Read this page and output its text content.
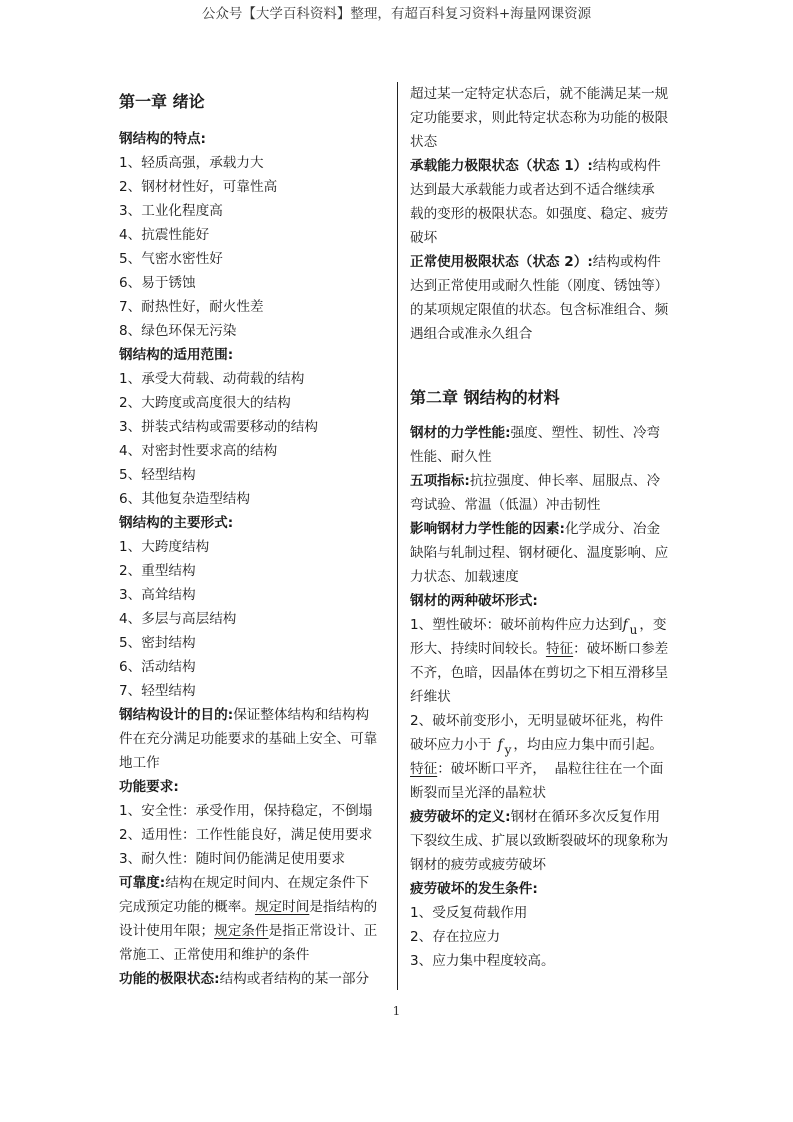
公众号【大学百科资料】整理，有超百科复习资料+海量网课资源
第一章 绪论
钢结构的特点:
1、轻质高强，承载力大
2、钢材材性好，可靠性高
3、工业化程度高
4、抗震性能好
5、气密水密性好
6、易于锈蚀
7、耐热性好，耐火性差
8、绿色环保无污染
钢结构的适用范围:
1、承受大荷载、动荷载的结构
2、大跨度或高度很大的结构
3、拼装式结构或需要移动的结构
4、对密封性要求高的结构
5、轻型结构
6、其他复杂造型结构
钢结构的主要形式:
1、大跨度结构
2、重型结构
3、高耸结构
4、多层与高层结构
5、密封结构
6、活动结构
7、轻型结构
钢结构设计的目的:保证整体结构和结构构
件在充分满足功能要求的基础上安全、可靠
地工作
功能要求:
1、安全性：承受作用，保持稳定，不倒塌
2、适用性：工作性能良好，满足使用要求
3、耐久性：随时间仍能满足使用要求
可靠度:结构在规定时间内、在规定条件下
完成预定功能的概率。规定时间是指结构的
设计使用年限；规定条件是指正常设计、正
常施工、正常使用和维护的条件
功能的极限状态:结构或者结构的某一部分
超过某一定特定状态后，就不能满足某一规
定功能要求，则此特定状态称为功能的极限
状态
承载能力极限状态（状态 1）:结构或构件
达到最大承载能力或者达到不适合继续承
载的变形的极限状态。如强度、稳定、疲劳
破坏
正常使用极限状态（状态 2）:结构或构件
达到正常使用或耐久性能（刚度、锈蚀等）
的某项规定限值的状态。包含标准组合、频
遇组合或准永久组合
第二章 钢结构的材料
钢材的力学性能:强度、塑性、韧性、冷弯
性能、耐久性
五项指标:抗拉强度、伸长率、屈服点、冷
弯试验、常温（低温）冲击韧性
影响钢材力学性能的因素:化学成分、冶金
缺陷与轧制过程、钢材硬化、温度影响、应
力状态、加载速度
钢材的两种破坏形式:
1、塑性破坏：破坏前构件应力达到f u ，变
形大、持续时间较长。特征：破坏断口参差
不齐，色暗，因晶体在剪切之下相互滑移呈
纤维状
2、破坏前变形小，无明显破坏征兆，构件
破坏应力小于 f y ，均由应力集中而引起。
特征：破坏断口平齐，  晶粒往往在一个面
断裂而呈光泽的晶粒状
疲劳破坏的定义:钢材在循环多次反复作用
下裂纹生成、扩展以致断裂破坏的现象称为
钢材的疲劳或疲劳破坏
疲劳破坏的发生条件:
1、受反复荷载作用
2、存在拉应力
3、应力集中程度较高。
1
